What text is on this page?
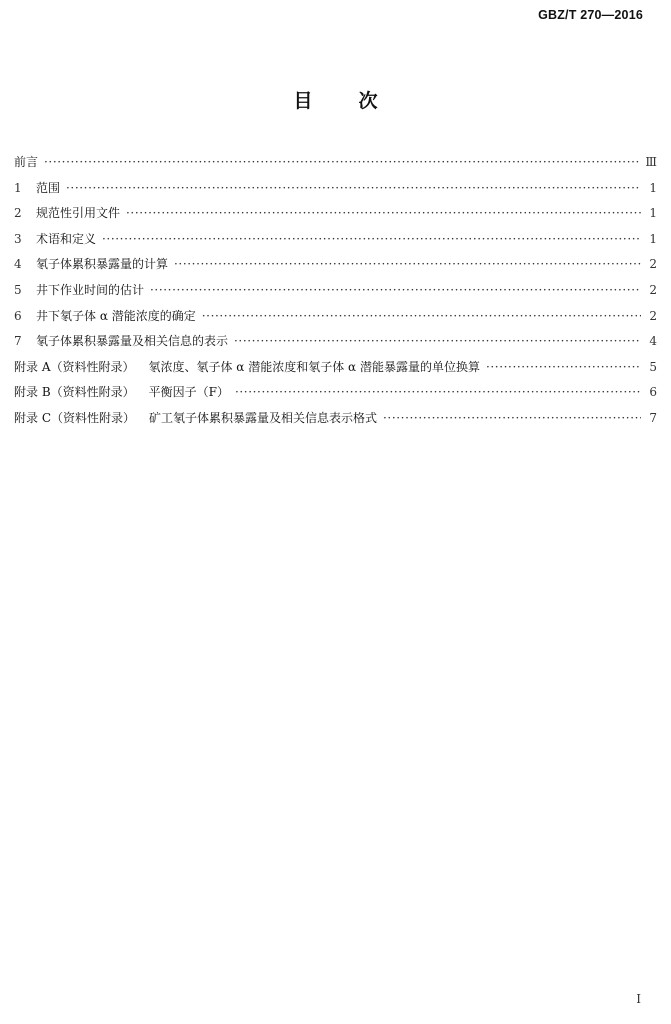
GBZ/T 270—2016
目 次
前言 ·····	Ⅲ
1	范围 ·····	1
2	规范性引用文件 ·····	1
3	术语和定义 ·····	1
4	氡子体累积暴露量的计算 ·····	2
5	井下作业时间的估计 ·····	2
6	井下氡子体 α 潜能浓度的确定 ·····	2
7	氡子体累积暴露量及相关信息的表示 ·····	4
附录 A（资料性附录） 氡浓度、氡子体 α 潜能浓度和氡子体 α 潜能暴露量的单位换算 ·····	5
附录 B（资料性附录） 平衡因子（F） ·····	6
附录 C（资料性附录） 矿工氡子体累积暴露量及相关信息表示格式 ·····	7
Ⅰ
